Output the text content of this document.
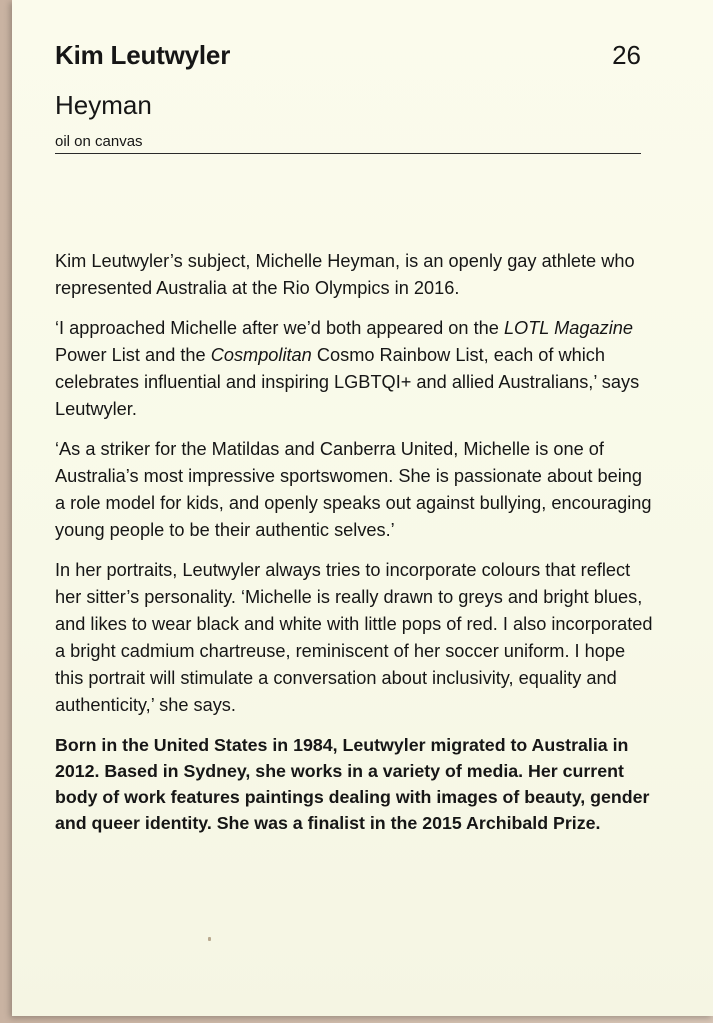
Kim Leutwyler	26
Heyman
oil on canvas

Kim Leutwyler’s subject, Michelle Heyman, is an openly gay athlete who represented Australia at the Rio Olympics in 2016.

‘I approached Michelle after we’d both appeared on the LOTL Magazine Power List and the Cosmpolitan Cosmo Rainbow List, each of which celebrates influential and inspiring LGBTQI+ and allied Australians,’ says Leutwyler.

‘As a striker for the Matildas and Canberra United, Michelle is one of Australia’s most impressive sportswomen. She is passionate about being a role model for kids, and openly speaks out against bullying, encouraging young people to be their authentic selves.’

In her portraits, Leutwyler always tries to incorporate colours that reflect her sitter’s personality. ‘Michelle is really drawn to greys and bright blues, and likes to wear black and white with little pops of red. I also incorporated a bright cadmium chartreuse, reminiscent of her soccer uniform. I hope this portrait will stimulate a conversation about inclusivity, equality and authenticity,’ she says.

Born in the United States in 1984, Leutwyler migrated to Australia in 2012. Based in Sydney, she works in a variety of media. Her current body of work features paintings dealing with images of beauty, gender and queer identity. She was a finalist in the 2015 Archibald Prize.
